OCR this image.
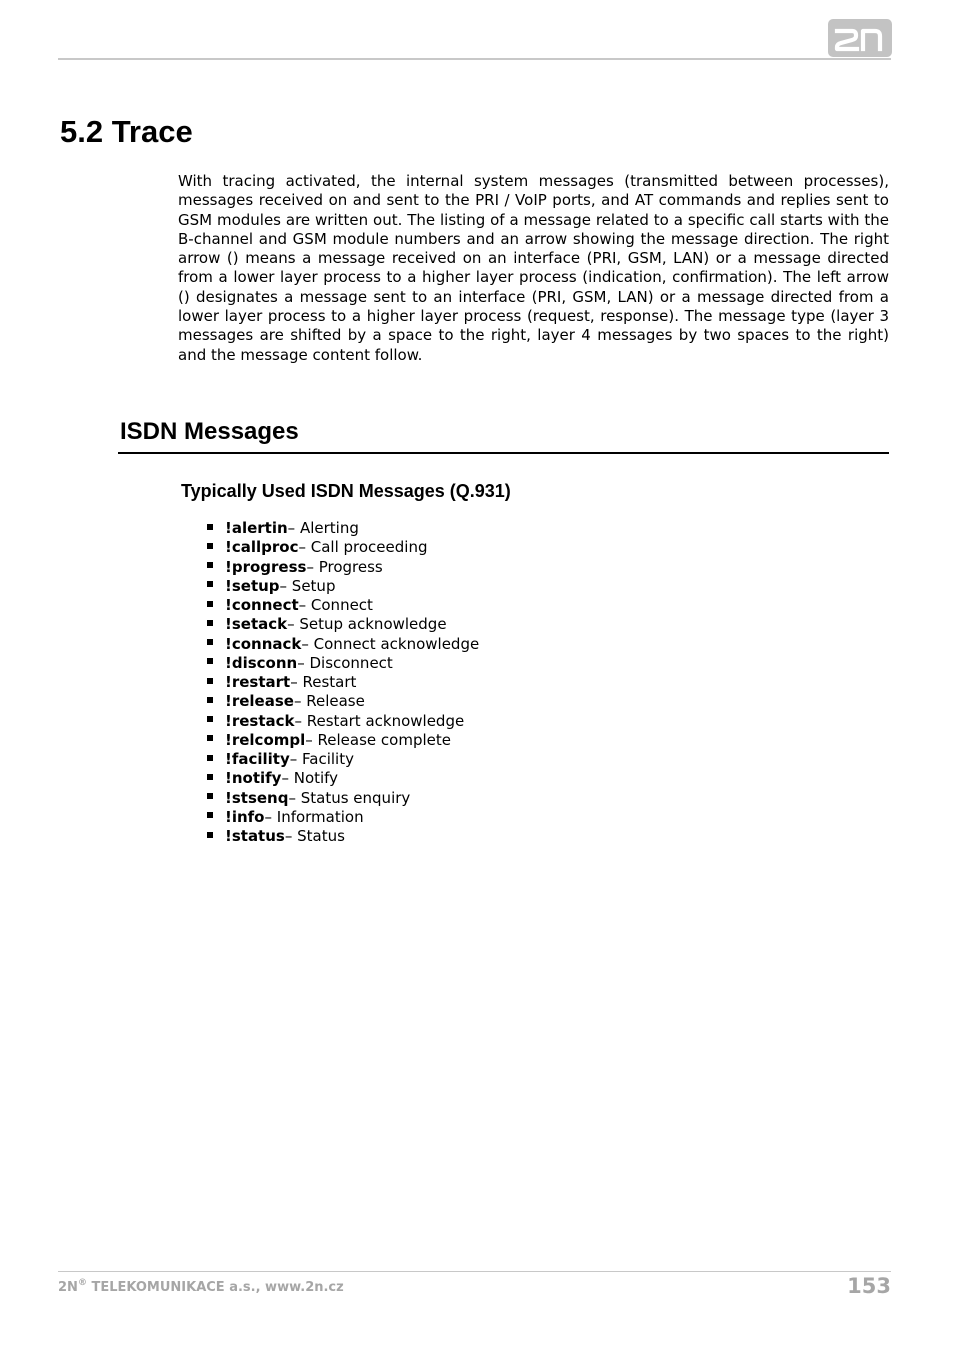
5.2 Trace

With tracing activated, the internal system messages (transmitted between processes), messages received on and sent to the PRI / VoIP ports, and AT commands and replies sent to GSM modules are written out. The listing of a message related to a specific call starts with the B-channel and GSM module numbers and an arrow showing the message direction. The right arrow () means a message received on an interface (PRI, GSM, LAN) or a message directed from a lower layer process to a higher layer process (indication, confirmation). The left arrow () designates a message sent to an interface (PRI, GSM, LAN) or a message directed from a lower layer process to a higher layer process (request, response). The message type (layer 3 messages are shifted by a space to the right, layer 4 messages by two spaces to the right) and the message content follow.

ISDN Messages
Typically Used ISDN Messages (Q.931)
!alertin – Alerting
!callproc – Call proceeding
!progress – Progress
!setup – Setup
!connect – Connect
!setack – Setup acknowledge
!connack – Connect acknowledge
!disconn – Disconnect
!restart – Restart
!release – Release
!restack – Restart acknowledge
!relcompl – Release complete
!facility – Facility
!notify – Notify
!stsenq – Status enquiry
!info – Information
!status – Status
2N® TELEKOMUNIKACE a.s., www.2n.cz	153
